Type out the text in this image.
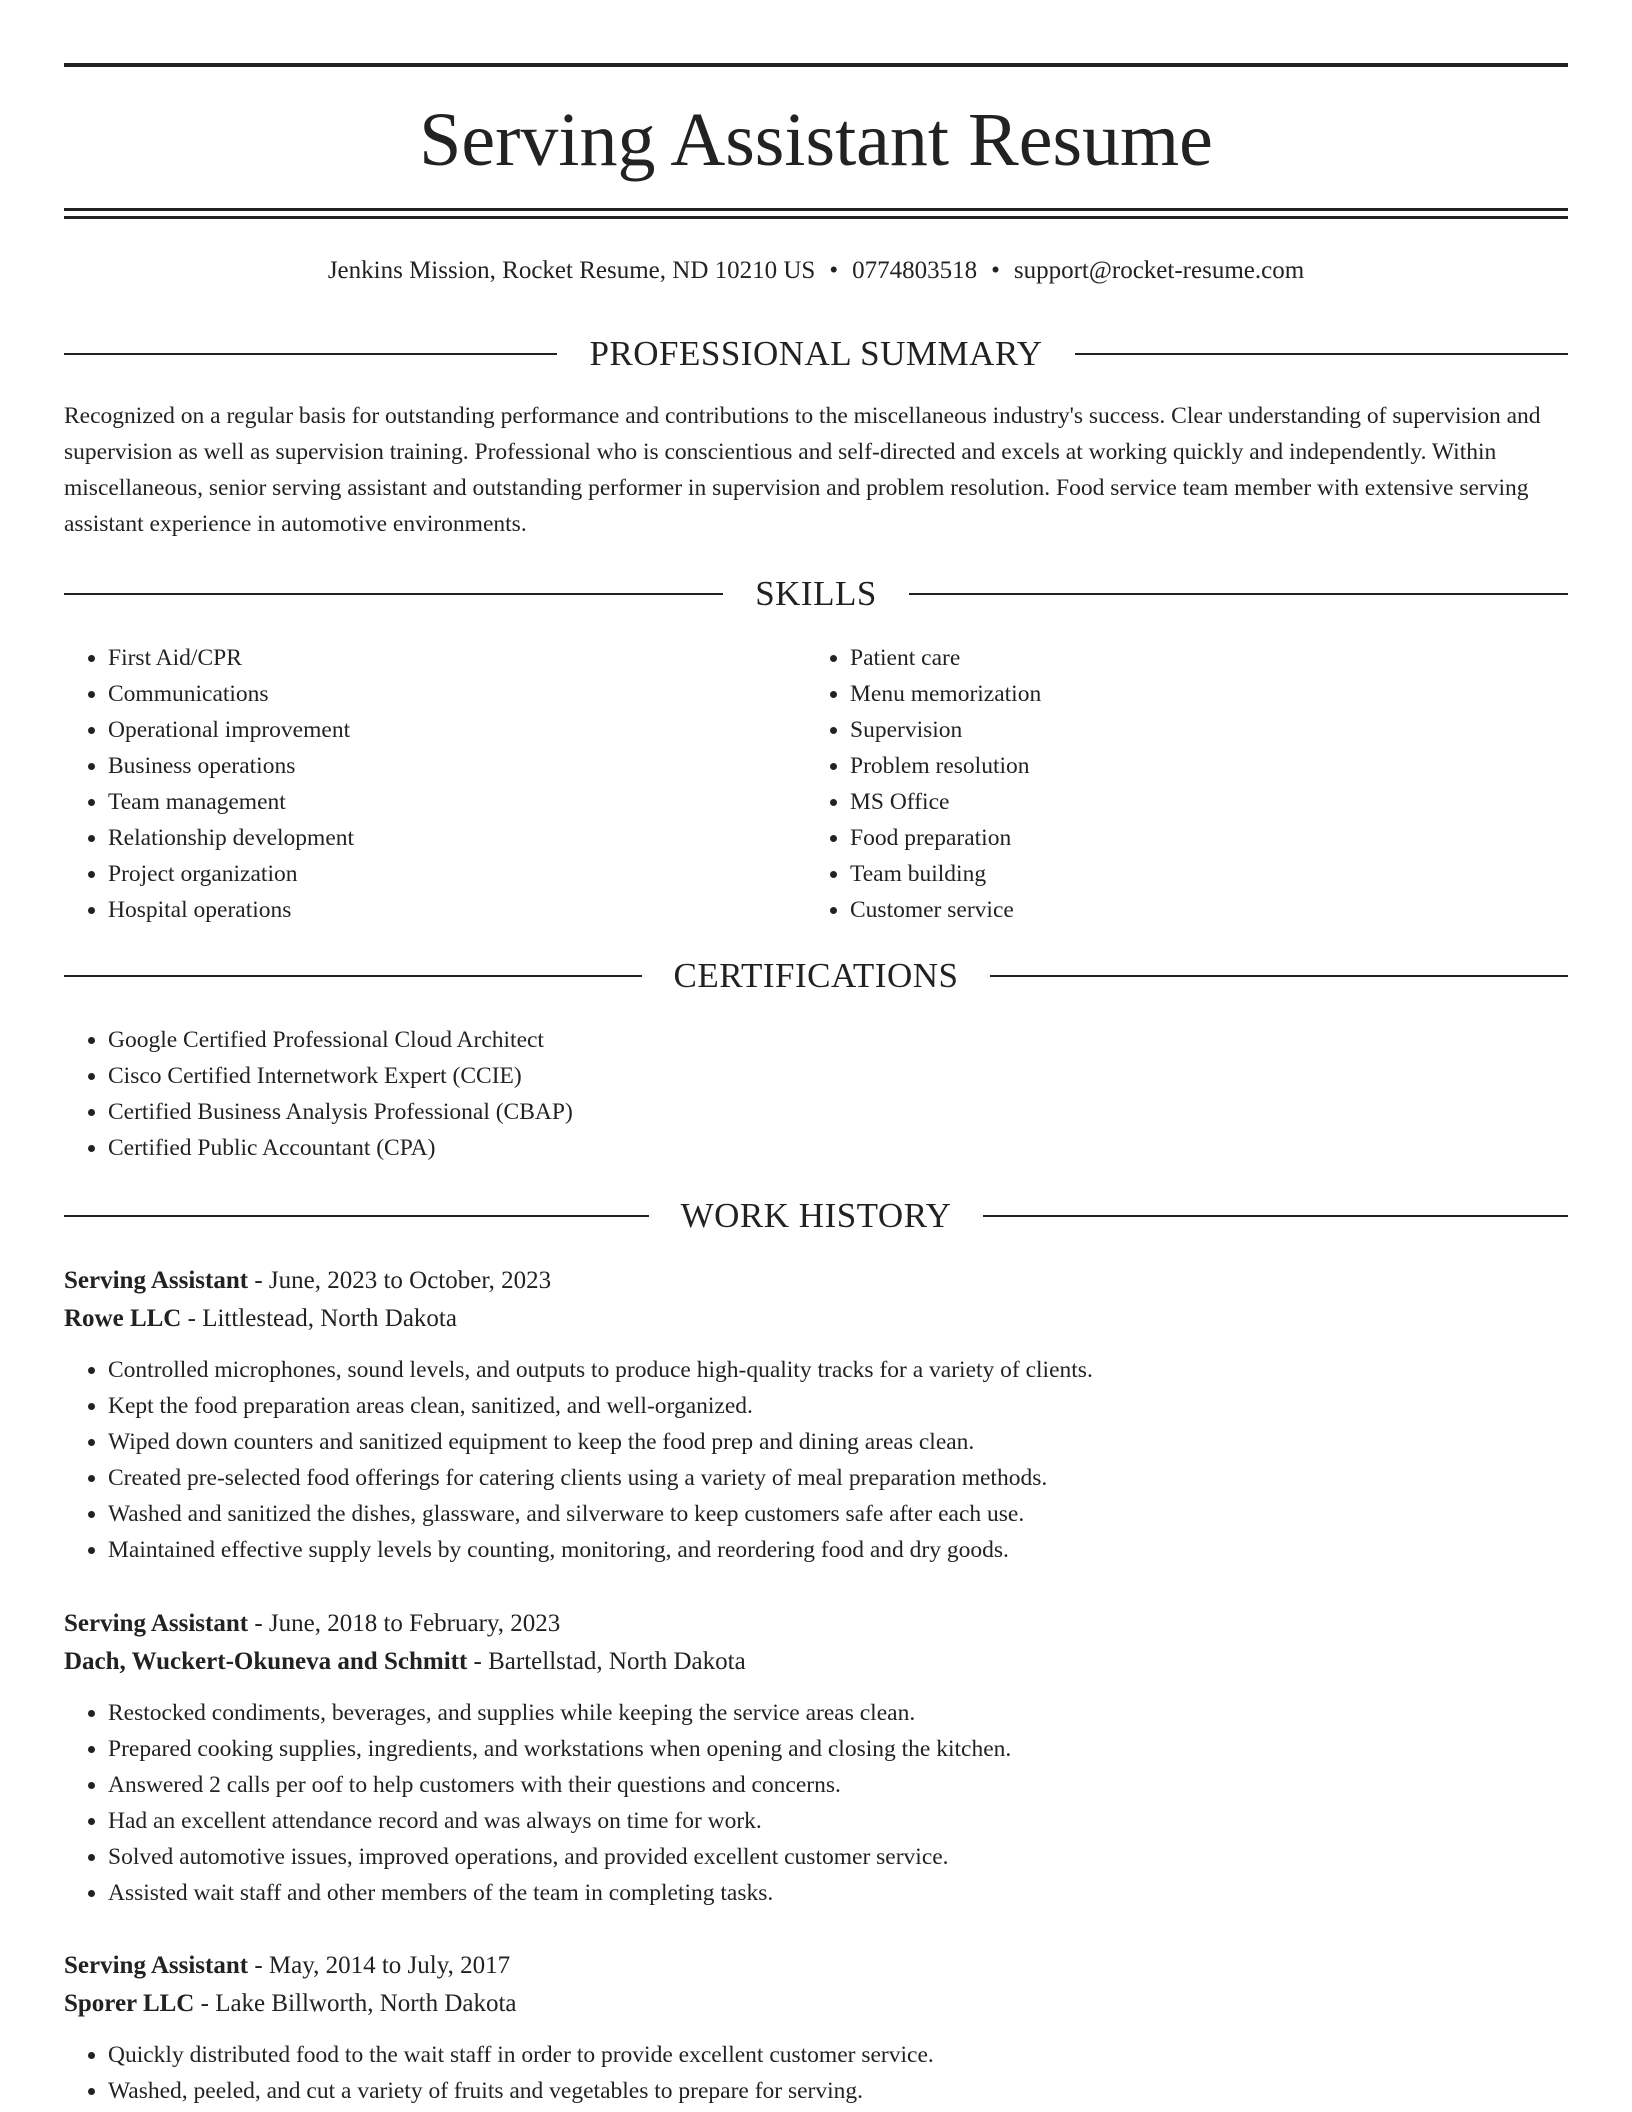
Serving Assistant Resume
Jenkins Mission, Rocket Resume, ND 10210 US • 0774803518 • support@rocket-resume.com
PROFESSIONAL SUMMARY

Recognized on a regular basis for outstanding performance and contributions to the miscellaneous industry's success. Clear understanding of supervision and supervision as well as supervision training. Professional who is conscientious and self-directed and excels at working quickly and independently. Within miscellaneous, senior serving assistant and outstanding performer in supervision and problem resolution. Food service team member with extensive serving assistant experience in automotive environments.

SKILLS
• First Aid/CPR
• Communications
• Operational improvement
• Business operations
• Team management
• Relationship development
• Project organization
• Hospital operations
• Patient care
• Menu memorization
• Supervision
• Problem resolution
• MS Office
• Food preparation
• Team building
• Customer service
CERTIFICATIONS
• Google Certified Professional Cloud Architect
• Cisco Certified Internetwork Expert (CCIE)
• Certified Business Analysis Professional (CBAP)
• Certified Public Accountant (CPA)
WORK HISTORY
Serving Assistant - June, 2023 to October, 2023
Rowe LLC - Littlestead, North Dakota
• Controlled microphones, sound levels, and outputs to produce high-quality tracks for a variety of clients.
• Kept the food preparation areas clean, sanitized, and well-organized.
• Wiped down counters and sanitized equipment to keep the food prep and dining areas clean.
• Created pre-selected food offerings for catering clients using a variety of meal preparation methods.
• Washed and sanitized the dishes, glassware, and silverware to keep customers safe after each use.
• Maintained effective supply levels by counting, monitoring, and reordering food and dry goods.
Serving Assistant - June, 2018 to February, 2023
Dach, Wuckert-Okuneva and Schmitt - Bartellstad, North Dakota
• Restocked condiments, beverages, and supplies while keeping the service areas clean.
• Prepared cooking supplies, ingredients, and workstations when opening and closing the kitchen.
• Answered 2 calls per oof to help customers with their questions and concerns.
• Had an excellent attendance record and was always on time for work.
• Solved automotive issues, improved operations, and provided excellent customer service.
• Assisted wait staff and other members of the team in completing tasks.
Serving Assistant - May, 2014 to July, 2017
Sporer LLC - Lake Billworth, North Dakota
• Quickly distributed food to the wait staff in order to provide excellent customer service.
• Washed, peeled, and cut a variety of fruits and vegetables to prepare for serving.
